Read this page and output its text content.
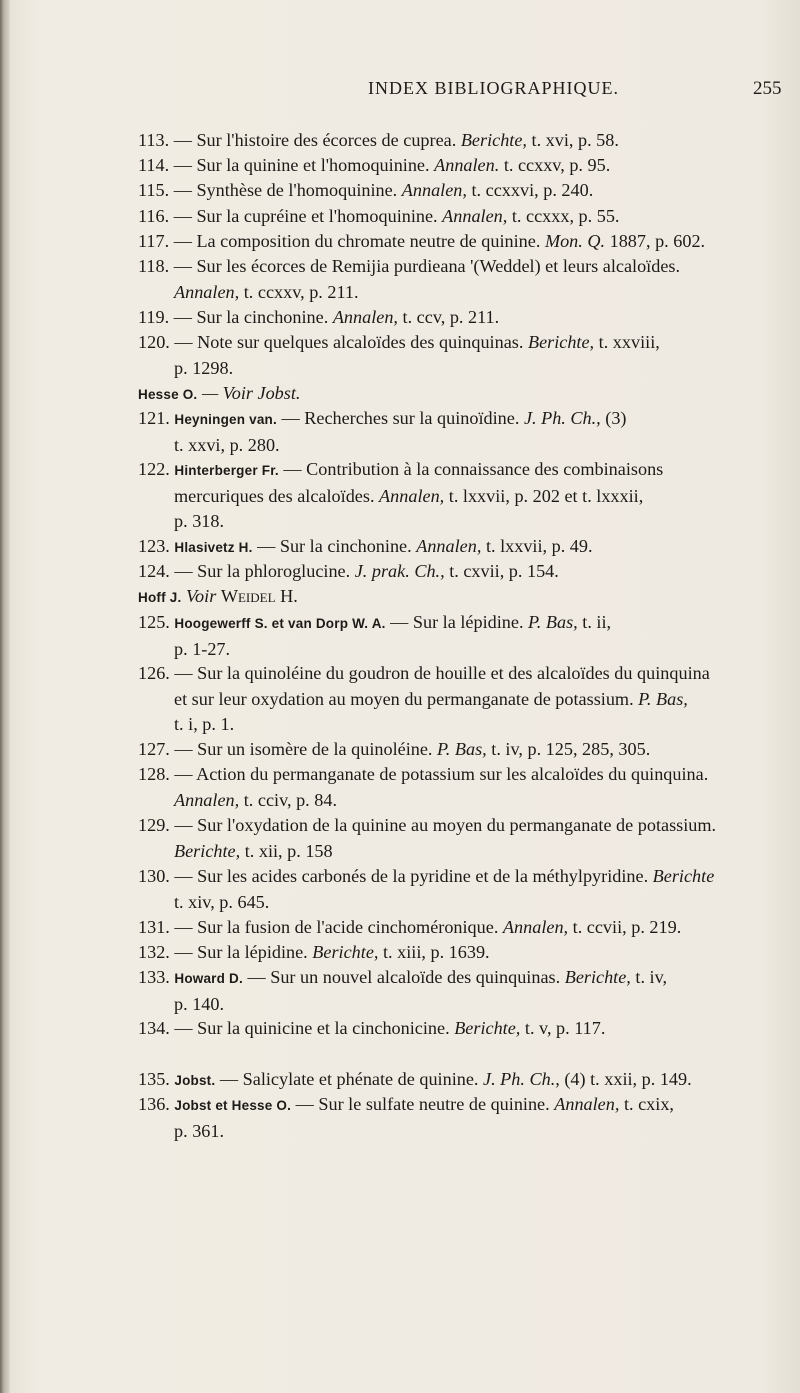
INDEX BIBLIOGRAPHIQUE.	255
113. — Sur l'histoire des écorces de cuprea. Berichte, t. xvi, p. 58.
114. — Sur la quinine et l'homoquinine. Annalen. t. ccxxv, p. 95.
115. — Synthèse de l'homoquinine. Annalen, t. ccxxvi, p. 240.
116. — Sur la cupréine et l'homoquinine. Annalen, t. ccxxx, p. 55.
117. — La composition du chromate neutre de quinine. Mon. Q. 1887, p. 602.
118. — Sur les écorces de Remijia purdieana '(Weddel) et leurs alcaloïdes.
Annalen, t. ccxxv, p. 211.
119. — Sur la cinchonine. Annalen, t. ccv, p. 211.
120. — Note sur quelques alcaloïdes des quinquinas. Berichte, t. xxviii,
p. 1298.
Hesse O. — Voir Jobst.
121. Heyningen van. — Recherches sur la quinoïdine. J. Ph. Ch., (3)
t. xxvi, p. 280.
122. Hinterberger Fr. — Contribution à la connaissance des combinaisons
mercuriques des alcaloïdes. Annalen, t. lxxvii, p. 202 et t. lxxxii,
p. 318.
123. Hlasivetz H. — Sur la cinchonine. Annalen, t. lxxvii, p. 49.
124. — Sur la phloroglucine. J. prak. Ch., t. cxvii, p. 154.
Hoff J. Voir Weidel H.
125. Hoogewerff S. et van Dorp W. A. — Sur la lépidine. P. Bas, t. ii,
p. 1-27.
126. — Sur la quinoléine du goudron de houille et des alcaloïdes du quinquina
et sur leur oxydation au moyen du permanganate de potassium. P. Bas,
t. i, p. 1.
127. — Sur un isomère de la quinoléine. P. Bas, t. iv, p. 125, 285, 305.
128. — Action du permanganate de potassium sur les alcaloïdes du quinquina.
Annalen, t. cciv, p. 84.
129. — Sur l'oxydation de la quinine au moyen du permanganate de potassium.
Berichte, t. xii, p. 158
130. — Sur les acides carbonés de la pyridine et de la méthylpyridine. Berichte
t. xiv, p. 645.
131. — Sur la fusion de l'acide cinchoméronique. Annalen, t. ccvii, p. 219.
132. — Sur la lépidine. Berichte, t. xiii, p. 1639.
133. Howard D. — Sur un nouvel alcaloïde des quinquinas. Berichte, t. iv,
p. 140.
134. — Sur la quinicine et la cinchonicine. Berichte, t. v, p. 117.
135. Jobst. — Salicylate et phénate de quinine. J. Ph. Ch., (4) t. xxii, p. 149.
136. Jobst et Hesse O. — Sur le sulfate neutre de quinine. Annalen, t. cxix,
p. 361.
